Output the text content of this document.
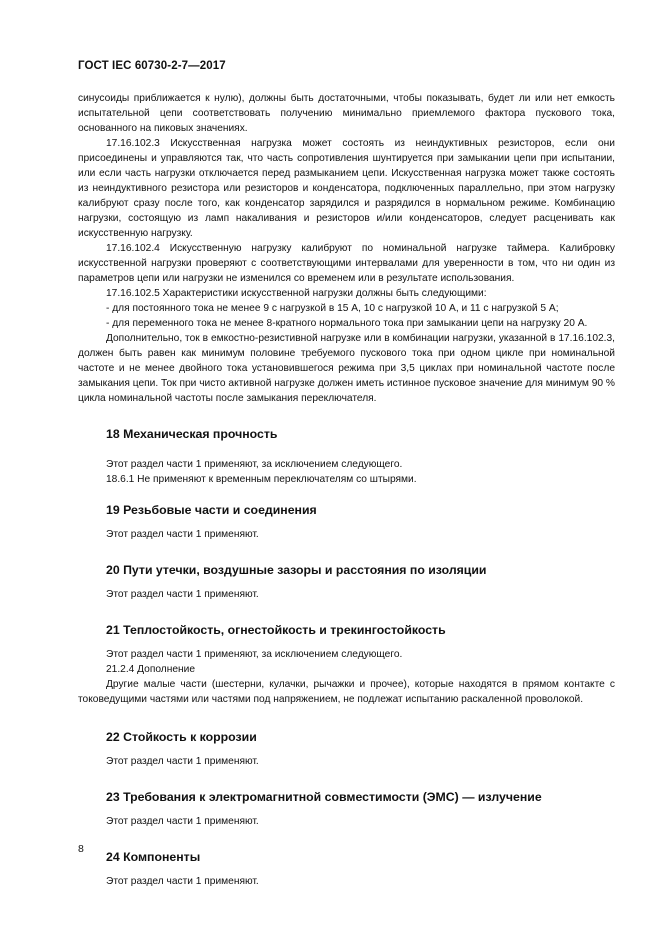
ГОСТ IEC 60730-2-7—2017

синусоиды приближается к нулю), должны быть достаточными, чтобы показывать, будет ли или нет емкость испытательной цепи соответствовать получению минимально приемлемого фактора пускового тока, основанного на пиковых значениях.

17.16.102.3 Искусственная нагрузка может состоять из неиндуктивных резисторов, если они присоединены и управляются так, что часть сопротивления шунтируется при замыкании цепи при испытании, или если часть нагрузки отключается перед размыканием цепи. Искусственная нагрузка может также состоять из неиндуктивного резистора или резисторов и конденсатора, подключенных параллельно, при этом нагрузку калибруют сразу после того, как конденсатор зарядился и разрядился в нормальном режиме. Комбинацию нагрузки, состоящую из ламп накаливания и резисторов и/или конденсаторов, следует расценивать как искусственную нагрузку.

17.16.102.4 Искусственную нагрузку калибруют по номинальной нагрузке таймера. Калибровку искусственной нагрузки проверяют с соответствующими интервалами для уверенности в том, что ни один из параметров цепи или нагрузки не изменился со временем или в результате использования.

17.16.102.5 Характеристики искусственной нагрузки должны быть следующими:

- для постоянного тока не менее 9 с нагрузкой в 15 А, 10 с нагрузкой 10 А, и 11 с нагрузкой 5 А;

- для переменного тока не менее 8-кратного нормального тока при замыкании цепи на нагрузку 20 А.

Дополнительно, ток в емкостно-резистивной нагрузке или в комбинации нагрузки, указанной в 17.16.102.3, должен быть равен как минимум половине требуемого пускового тока при одном цикле при номинальной частоте и не менее двойного тока установившегося режима при 3,5 циклах при номинальной частоте после замыкания цепи. Ток при чисто активной нагрузке должен иметь истинное пусковое значение для минимум 90 % цикла номинальной частоты после замыкания переключателя.

18 Механическая прочность

Этот раздел части 1 применяют, за исключением следующего.

18.6.1 Не применяют к временным переключателям со штырями.

19 Резьбовые части и соединения

Этот раздел части 1 применяют.

20 Пути утечки, воздушные зазоры и расстояния по изоляции

Этот раздел части 1 применяют.

21 Теплостойкость, огнестойкость и трекингостойкость

Этот раздел части 1 применяют, за исключением следующего.

21.2.4 Дополнение

Другие малые части (шестерни, кулачки, рычажки и прочее), которые находятся в прямом контакте с токоведущими частями или частями под напряжением, не подлежат испытанию раскаленной проволокой.

22 Стойкость к коррозии

Этот раздел части 1 применяют.

23 Требования к электромагнитной совместимости (ЭМС) — излучение

Этот раздел части 1 применяют.

24 Компоненты

Этот раздел части 1 применяют.

8
